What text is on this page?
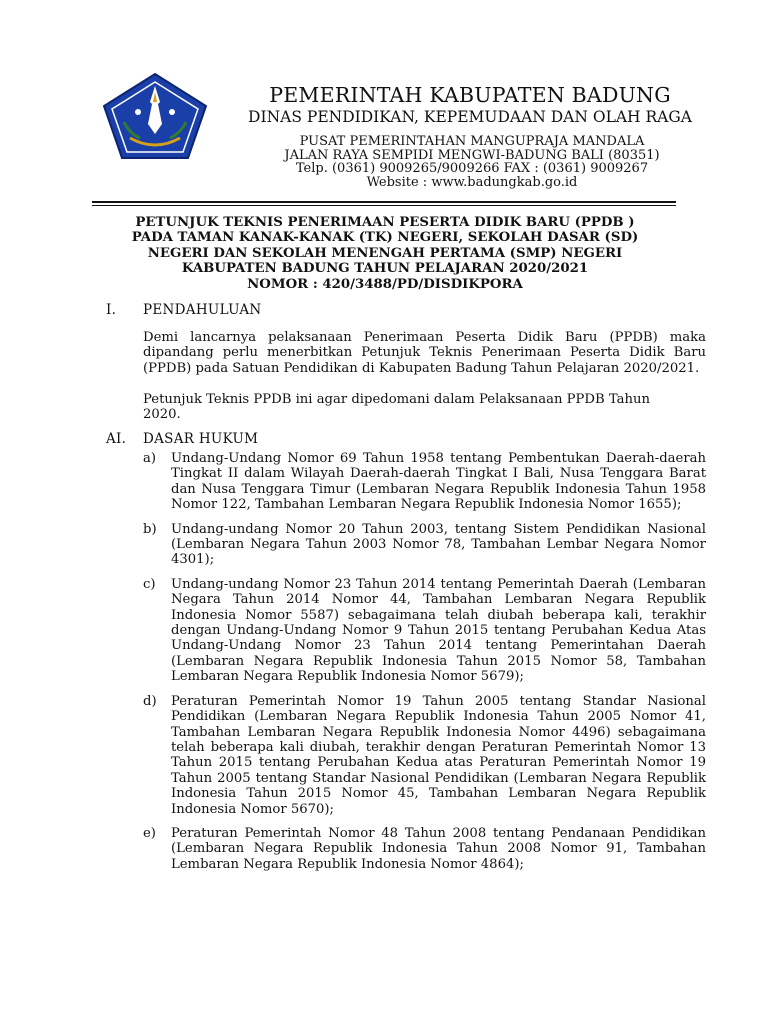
PEMERINTAH KABUPATEN BADUNG
DINAS PENDIDIKAN, KEPEMUDAAN DAN OLAH RAGA
PUSAT PEMERINTAHAN MANGUPRAJA MANDALA
JALAN RAYA SEMPIDI MENGWI-BADUNG BALI (80351)
Telp. (0361) 9009265/9009266 FAX : (0361) 9009267
Website : www.badungkab.go.id
PETUNJUK TEKNIS PENERIMAAN PESERTA DIDIK BARU (PPDB )
PADA TAMAN KANAK-KANAK (TK) NEGERI, SEKOLAH DASAR (SD)
NEGERI DAN SEKOLAH MENENGAH PERTAMA (SMP) NEGERI
KABUPATEN BADUNG TAHUN PELAJARAN 2020/2021
NOMOR : 420/3488/PD/DISDIKPORA
I. PENDAHULUAN
Demi lancarnya pelaksanaan Penerimaan Peserta Didik Baru (PPDB) maka dipandang perlu menerbitkan Petunjuk Teknis Penerimaan Peserta Didik Baru (PPDB) pada Satuan Pendidikan di Kabupaten Badung Tahun Pelajaran 2020/2021.
Petunjuk Teknis PPDB ini agar dipedomani dalam Pelaksanaan PPDB Tahun 2020.
AI. DASAR HUKUM
a)	Undang-Undang Nomor 69 Tahun 1958 tentang Pembentukan Daerah-daerah Tingkat II dalam Wilayah Daerah-daerah Tingkat I Bali, Nusa Tenggara Barat dan Nusa Tenggara Timur (Lembaran Negara Republik Indonesia Tahun 1958 Nomor 122, Tambahan Lembaran Negara Republik Indonesia Nomor 1655);
b)	Undang-undang Nomor 20 Tahun 2003, tentang Sistem Pendidikan Nasional (Lembaran Negara Tahun 2003 Nomor 78, Tambahan Lembar Negara Nomor 4301);
c)	Undang-undang Nomor 23 Tahun 2014 tentang Pemerintah Daerah (Lembaran Negara Tahun 2014 Nomor 44, Tambahan Lembaran Negara Republik Indonesia Nomor 5587) sebagaimana telah diubah beberapa kali, terakhir dengan Undang-Undang Nomor 9 Tahun 2015 tentang Perubahan Kedua Atas Undang-Undang Nomor 23 Tahun 2014 tentang Pemerintahan Daerah (Lembaran Negara Republik Indonesia Tahun 2015 Nomor 58, Tambahan Lembaran Negara Republik Indonesia Nomor 5679);
d)	Peraturan Pemerintah Nomor 19 Tahun 2005 tentang Standar Nasional Pendidikan (Lembaran Negara Republik Indonesia Tahun 2005 Nomor 41, Tambahan Lembaran Negara Republik Indonesia Nomor 4496) sebagaimana telah beberapa kali diubah, terakhir dengan Peraturan Pemerintah Nomor 13 Tahun 2015 tentang Perubahan Kedua atas Peraturan Pemerintah Nomor 19 Tahun 2005 tentang Standar Nasional Pendidikan (Lembaran Negara Republik Indonesia Tahun 2015 Nomor 45, Tambahan Lembaran Negara Republik Indonesia Nomor 5670);
e)	Peraturan Pemerintah Nomor 48 Tahun 2008 tentang Pendanaan Pendidikan (Lembaran Negara Republik Indonesia Tahun 2008 Nomor 91, Tambahan Lembaran Negara Republik Indonesia Nomor 4864);
